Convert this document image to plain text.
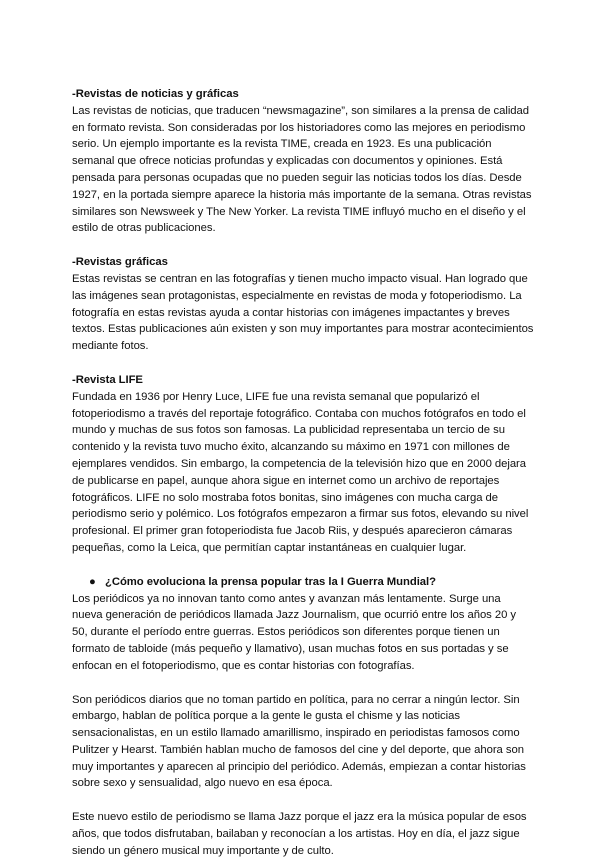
-Revistas de noticias y gráficas

Las revistas de noticias, que traducen “newsmagazine”, son similares a la prensa de calidad en formato revista. Son consideradas por los historiadores como las mejores en periodismo serio. Un ejemplo importante es la revista TIME, creada en 1923. Es una publicación semanal que ofrece noticias profundas y explicadas con documentos y opiniones. Está pensada para personas ocupadas que no pueden seguir las noticias todos los días. Desde 1927, en la portada siempre aparece la historia más importante de la semana. Otras revistas similares son Newsweek y The New Yorker. La revista TIME influyó mucho en el diseño y el estilo de otras publicaciones.

-Revistas gráficas

Estas revistas se centran en las fotografías y tienen mucho impacto visual. Han logrado que las imágenes sean protagonistas, especialmente en revistas de moda y fotoperiodismo. La fotografía en estas revistas ayuda a contar historias con imágenes impactantes y breves textos. Estas publicaciones aún existen y son muy importantes para mostrar acontecimientos mediante fotos.

-Revista LIFE

Fundada en 1936 por Henry Luce, LIFE fue una revista semanal que popularizó el fotoperiodismo a través del reportaje fotográfico. Contaba con muchos fotógrafos en todo el mundo y muchas de sus fotos son famosas. La publicidad representaba un tercio de su contenido y la revista tuvo mucho éxito, alcanzando su máximo en 1971 con millones de ejemplares vendidos. Sin embargo, la competencia de la televisión hizo que en 2000 dejara de publicarse en papel, aunque ahora sigue en internet como un archivo de reportajes fotográficos. LIFE no solo mostraba fotos bonitas, sino imágenes con mucha carga de periodismo serio y polémico. Los fotógrafos empezaron a firmar sus fotos, elevando su nivel profesional. El primer gran fotoperiodista fue Jacob Riis, y después aparecieron cámaras pequeñas, como la Leica, que permitían captar instantáneas en cualquier lugar.

● ¿Cómo evoluciona la prensa popular tras la I Guerra Mundial?

Los periódicos ya no innovan tanto como antes y avanzan más lentamente. Surge una nueva generación de periódicos llamada Jazz Journalism, que ocurrió entre los años 20 y 50, durante el período entre guerras. Estos periódicos son diferentes porque tienen un formato de tabloide (más pequeño y llamativo), usan muchas fotos en sus portadas y se enfocan en el fotoperiodismo, que es contar historias con fotografías.

Son periódicos diarios que no toman partido en política, para no cerrar a ningún lector. Sin embargo, hablan de política porque a la gente le gusta el chisme y las noticias sensacionalistas, en un estilo llamado amarillismo, inspirado en periodistas famosos como Pulitzer y Hearst. También hablan mucho de famosos del cine y del deporte, que ahora son muy importantes y aparecen al principio del periódico. Además, empiezan a contar historias sobre sexo y sensualidad, algo nuevo en esa época.

Este nuevo estilo de periodismo se llama Jazz porque el jazz era la música popular de esos años, que todos disfrutaban, bailaban y reconocían a los artistas. Hoy en día, el jazz sigue siendo un género musical muy importante y de culto.
